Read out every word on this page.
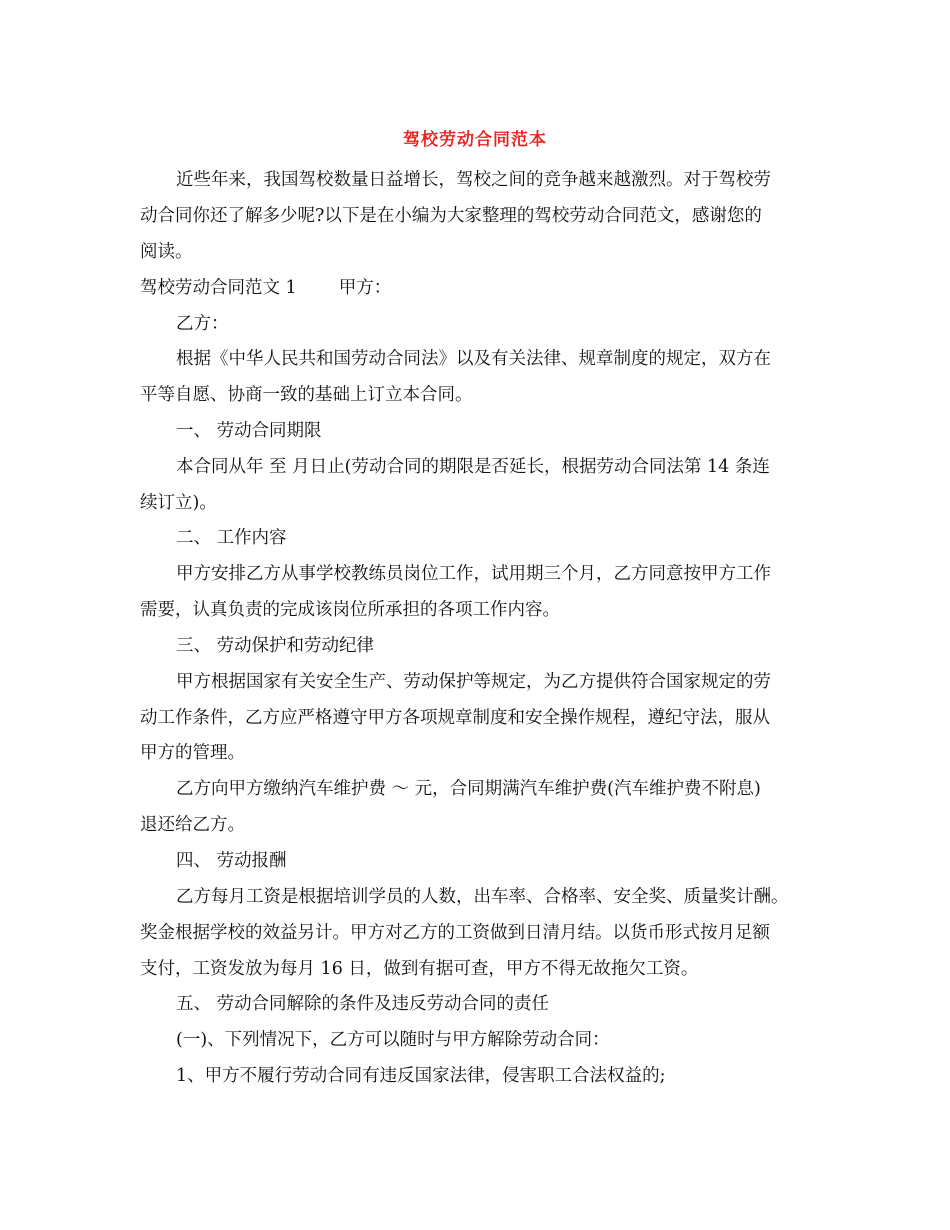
驾校劳动合同范本
近些年来，我国驾校数量日益增长，驾校之间的竞争越来越激烈。对于驾校劳
动合同你还了解多少呢?以下是在小编为大家整理的驾校劳动合同范文，感谢您的
阅读。
驾校劳动合同范文 1 甲方：
乙方：
根据《中华人民共和国劳动合同法》以及有关法律、规章制度的规定，双方在
平等自愿、协商一致的基础上订立本合同。
一、 劳动合同期限
本合同从年 至 月日止(劳动合同的期限是否延长，根据劳动合同法第 14 条连
续订立)。
二、 工作内容
甲方安排乙方从事学校教练员岗位工作，试用期三个月，乙方同意按甲方工作
需要，认真负责的完成该岗位所承担的各项工作内容。
三、 劳动保护和劳动纪律
甲方根据国家有关安全生产、劳动保护等规定，为乙方提供符合国家规定的劳
动工作条件，乙方应严格遵守甲方各项规章制度和安全操作规程，遵纪守法，服从
甲方的管理。
乙方向甲方缴纳汽车维护费 ～ 元，合同期满汽车维护费(汽车维护费不附息)
退还给乙方。
四、 劳动报酬
乙方每月工资是根据培训学员的人数，出车率、合格率、安全奖、质量奖计酬。
奖金根据学校的效益另计。甲方对乙方的工资做到日清月结。以货币形式按月足额
支付，工资发放为每月 16 日，做到有据可查，甲方不得无故拖欠工资。
五、 劳动合同解除的条件及违反劳动合同的责任
(一)、下列情况下，乙方可以随时与甲方解除劳动合同：
1、甲方不履行劳动合同有违反国家法律，侵害职工合法权益的;
